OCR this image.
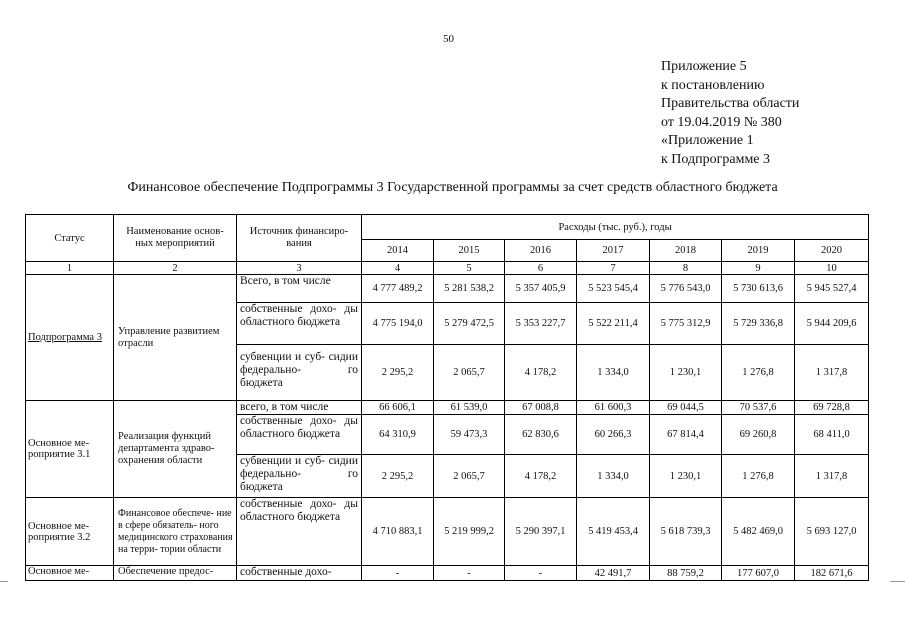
50
Приложение 5
к постановлению
Правительства области
от 19.04.2019 № 380
«Приложение 1
к Подпрограмме 3
Финансовое обеспечение Подпрограммы 3 Государственной программы за счет средств областного бюджета
Статус	Наименование основ- ных мероприятий	Источник финансиро- вания	Расходы (тыс. руб.), годы						
			2014	2015	2016	2017	2018	2019	2020
1	2	3	4	5	6	7	8	9	10
Подпрограмма 3	Управление развитием отрасли	Всего, в том числе	4 777 489,2	5 281 538,2	5 357 405,9	5 523 545,4	5 776 543,0	5 730 613,6	5 945 527,4
		собственные дохо- ды областного бюджета	4 775 194,0	5 279 472,5	5 353 227,7	5 522 211,4	5 775 312,9	5 729 336,8	5 944 209,6
		субвенции и суб- сидии федерально- го бюджета	2 295,2	2 065,7	4 178,2	1 334,0	1 230,1	1 276,8	1 317,8
Основное ме- роприятие 3.1	Реализация функций департамента здраво- охранения области	всего, в том числе	66 606,1	61 539,0	67 008,8	61 600,3	69 044,5	70 537,6	69 728,8
		собственные дохо- ды областного бюджета	64 310,9	59 473,3	62 830,6	60 266,3	67 814,4	69 260,8	68 411,0
		субвенции и суб- сидии федерально- го бюджета	2 295,2	2 065,7	4 178,2	1 334,0	1 230,1	1 276,8	1 317,8
Основное ме- роприятие 3.2	Финансовое обеспече- ние в сфере обязатель- ного медицинского страхования на терри- тории области	собственные дохо- ды областного бюджета	4 710 883,1	5 219 999,2	5 290 397,1	5 419 453,4	5 618 739,3	5 482 469,0	5 693 127,0
Основное ме-	Обеспечение предос-	собственные дохо-	-	-	-	42 491,7	88 759,2	177 607,0	182 671,6
